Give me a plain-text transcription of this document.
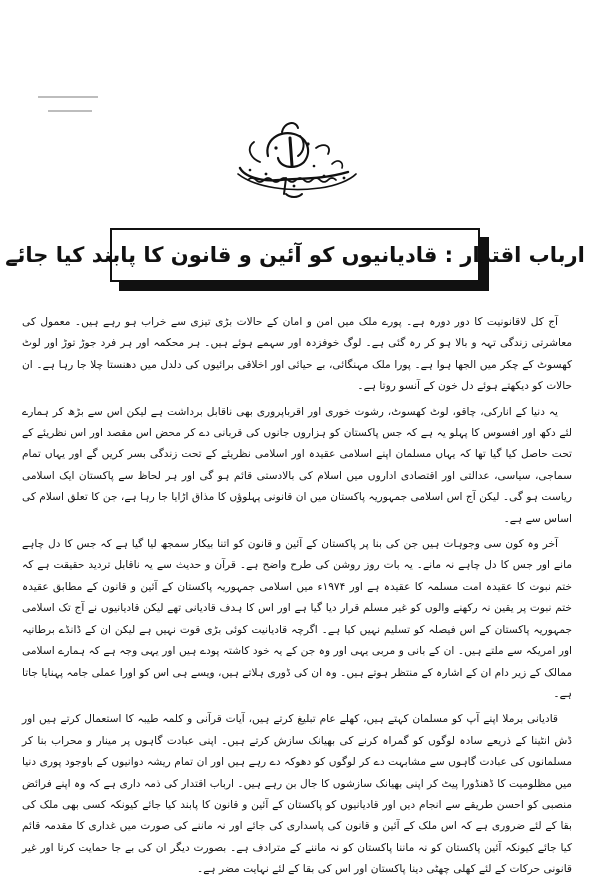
ارباب اقتدار : قادیانیوں کو آئین و قانون کا پابند کیا جائے

آج کل لاقانونیت کا دور دورہ ہے۔ پورے ملک میں امن و امان کے حالات بڑی تیزی سے خراب ہو رہے ہیں۔ معمول کی معاشرتی زندگی تہہ و بالا ہو کر رہ گئی ہے۔ لوگ خوفزدہ اور سہمے ہوئے ہیں۔ ہر محکمہ اور ہر فرد جوڑ توڑ اور لوٹ کھسوٹ کے چکر میں الجھا ہوا ہے۔ پورا ملک مہنگائی، بے حیائی اور اخلاقی برائیوں کی دلدل میں دھنستا چلا جا رہا ہے۔ ان حالات کو دیکھتے ہوئے دل خون کے آنسو روتا ہے۔

یہ دنیا کے انارکی، چاقو، لوٹ کھسوٹ، رشوت خوری اور اقرباپروری بھی ناقابل برداشت ہے لیکن اس سے بڑھ کر ہمارے لئے دکھ اور افسوس کا پہلو یہ ہے کہ جس پاکستان کو ہزاروں جانوں کی قربانی دے کر محض اس مقصد اور اس نظریئے کے تحت حاصل کیا گیا تھا کہ یہاں مسلمان اپنے اسلامی عقیدہ اور اسلامی نظریئے کے تحت زندگی بسر کریں گے اور یہاں تمام سماجی، سیاسی، عدالتی اور اقتصادی اداروں میں اسلام کی بالادستی قائم ہو گی اور ہر لحاظ سے پاکستان ایک اسلامی ریاست ہو گی۔ لیکن آج اس اسلامی جمہوریہ پاکستان میں ان قانونی پہلوؤں کا مذاق اڑایا جا رہا ہے، جن کا تعلق اسلام کی اساس سے ہے۔

آخر وہ کون سی وجوہات ہیں جن کی بنا پر پاکستان کے آئین و قانون کو اتنا بیکار سمجھ لیا گیا ہے کہ جس کا دل چاہے مانے اور جس کا دل چاہے نہ مانے۔ یہ بات روز روشن کی طرح واضح ہے۔ قرآن و حدیث سے یہ ناقابل تردید حقیقت ہے کہ ختم نبوت کا عقیدہ امت مسلمہ کا عقیدہ ہے اور ۱۹۷۴ء میں اسلامی جمہوریہ پاکستان کے آئین و قانون کے مطابق عقیدہ ختم نبوت پر یقین نہ رکھنے والوں کو غیر مسلم قرار دیا گیا ہے اور اس کا ہدف قادیانی تھے لیکن قادیانیوں نے آج تک اسلامی جمہوریہ پاکستان کے اس فیصلہ کو تسلیم نہیں کیا ہے۔ اگرچہ قادیانیت کوئی بڑی قوت نہیں ہے لیکن ان کے ڈانڈے برطانیہ اور امریکہ سے ملتے ہیں۔ ان کے بانی و مربی یہی اور وہ جن کے یہ خود کاشتہ پودے ہیں اور یہی وجہ ہے کہ ہمارے اسلامی ممالک کے زیر دام ان کے اشارہ کے منتظر ہوتے ہیں۔ وہ ان کی ڈوری ہلاتے ہیں، ویسے ہی اس کو اورا عملی جامہ پہنایا جاتا ہے۔

قادیانی برملا اپنے آپ کو مسلمان کہتے ہیں، کھلے عام تبلیغ کرتے ہیں، آیات قرآنی و کلمہ طیبہ کا استعمال کرتے ہیں اور ڈش انٹینا کے ذریعے سادہ لوگوں کو گمراہ کرنے کی بھیانک سازش کرتے ہیں۔ اپنی عبادت گاہوں پر مینار و محراب بنا کر مسلمانوں کی عبادت گاہوں سے مشابہت دے کر لوگوں کو دھوکہ دے رہے ہیں اور ان تمام ریشہ دوانیوں کے باوجود پوری دنیا میں مظلومیت کا ڈھنڈورا پیٹ کر اپنی بھیانک سازشوں کا جال بن رہے ہیں۔ ارباب اقتدار کی ذمہ داری ہے کہ وہ اپنے فرائض منصبی کو احسن طریقے سے انجام دیں اور قادیانیوں کو پاکستان کے آئین و قانون کا پابند کیا جائے کیونکہ کسی بھی ملک کی بقا کے لئے ضروری ہے کہ اس ملک کے آئین و قانون کی پاسداری کی جائے اور نہ ماننے کی صورت میں غداری کا مقدمہ قائم کیا جائے کیونکہ آئین پاکستان کو نہ ماننا پاکستان کو نہ ماننے کے مترادف ہے۔ بصورت دیگر ان کی بے جا حمایت کرنا اور غیر قانونی حرکات کے لئے کھلی چھٹی دینا پاکستان اور اس کی بقا کے لئے نہایت مضر ہے۔
